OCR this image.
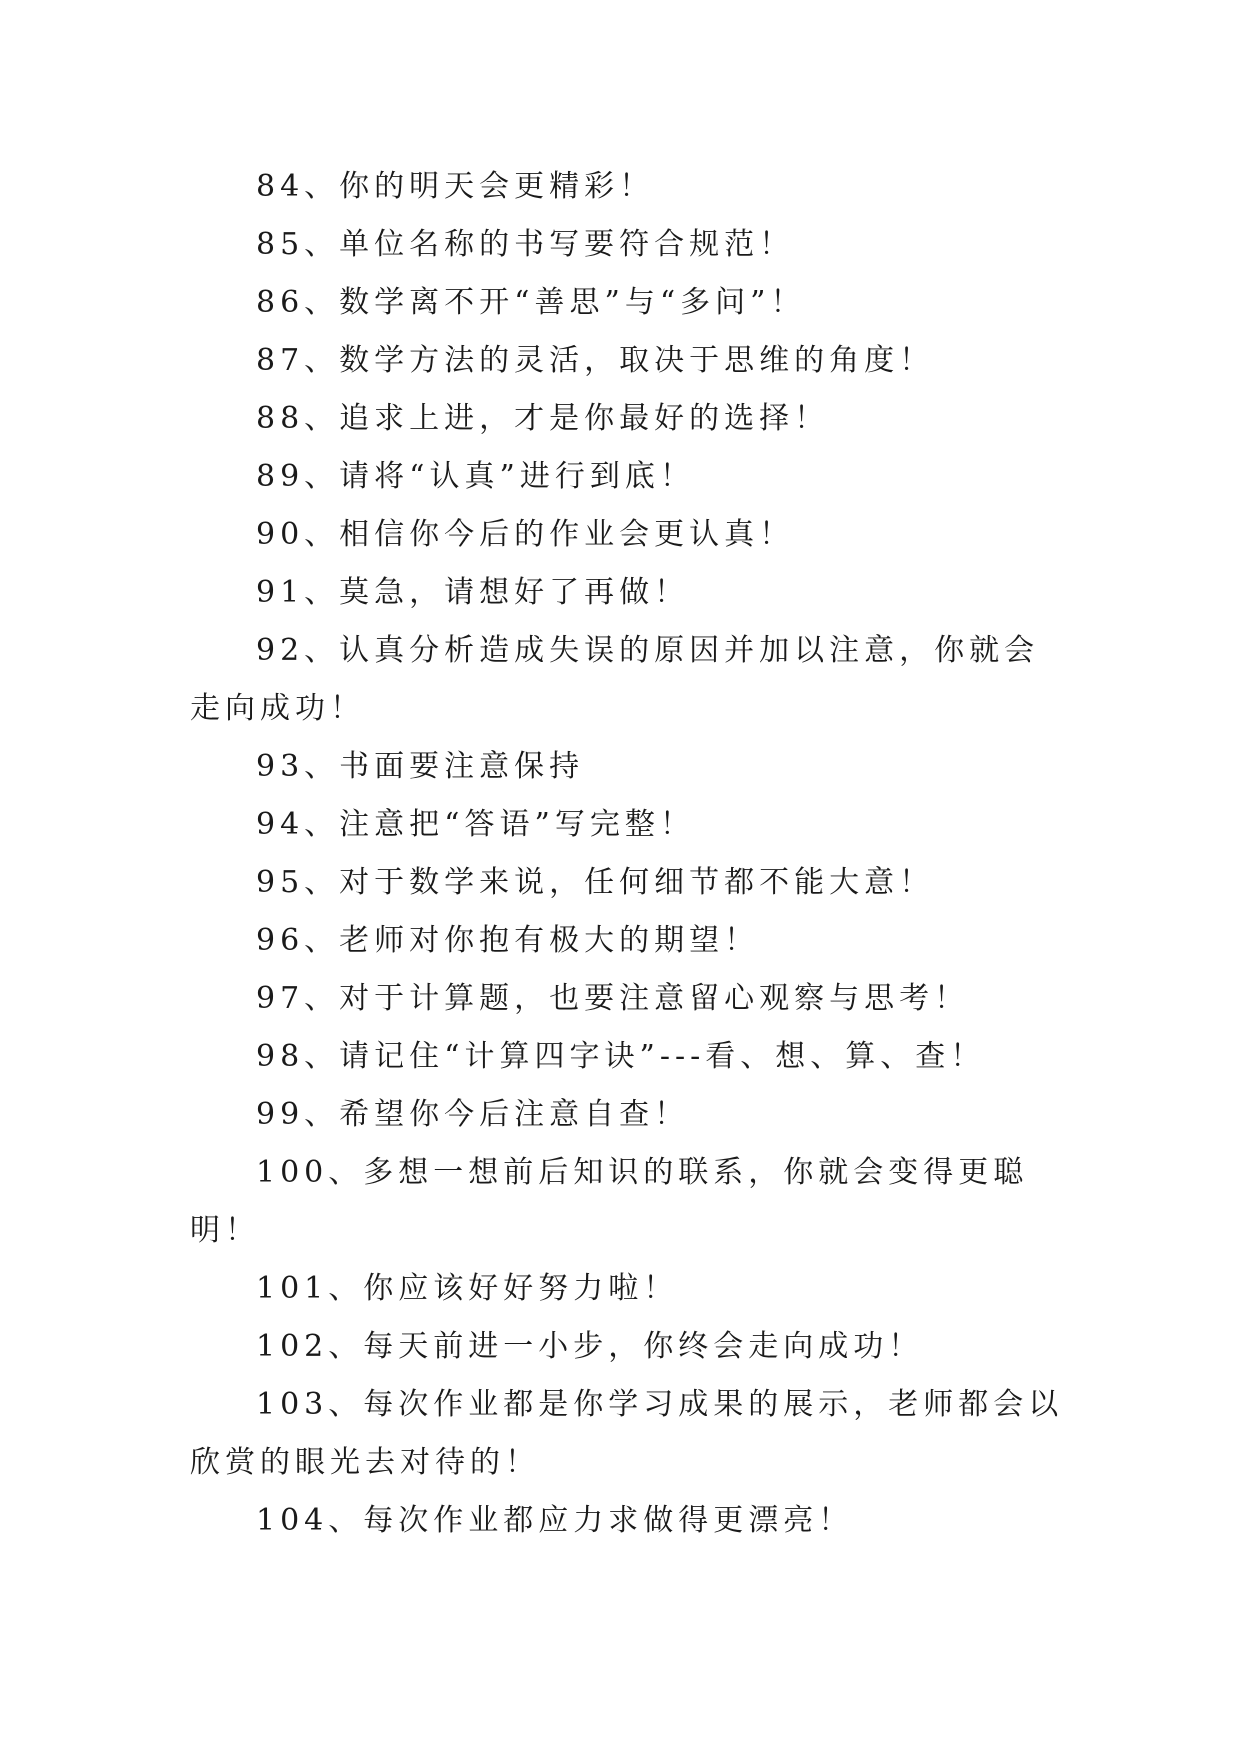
84、你的明天会更精彩！

85、单位名称的书写要符合规范！

86、数学离不开“善思”与“多问”！

87、数学方法的灵活，取决于思维的角度！

88、追求上进，才是你最好的选择！

89、请将“认真”进行到底！

90、相信你今后的作业会更认真！

91、莫急，请想好了再做！

92、认真分析造成失误的原因并加以注意，你就会走向成功！

93、书面要注意保持

94、注意把“答语”写完整！

95、对于数学来说，任何细节都不能大意！

96、老师对你抱有极大的期望！

97、对于计算题，也要注意留心观察与思考！

98、请记住“计算四字诀”---看、想、算、查！

99、希望你今后注意自查！

100、多想一想前后知识的联系，你就会变得更聪明！

101、你应该好好努力啦！

102、每天前进一小步，你终会走向成功！

103、每次作业都是你学习成果的展示，老师都会以欣赏的眼光去对待的！

104、每次作业都应力求做得更漂亮！
